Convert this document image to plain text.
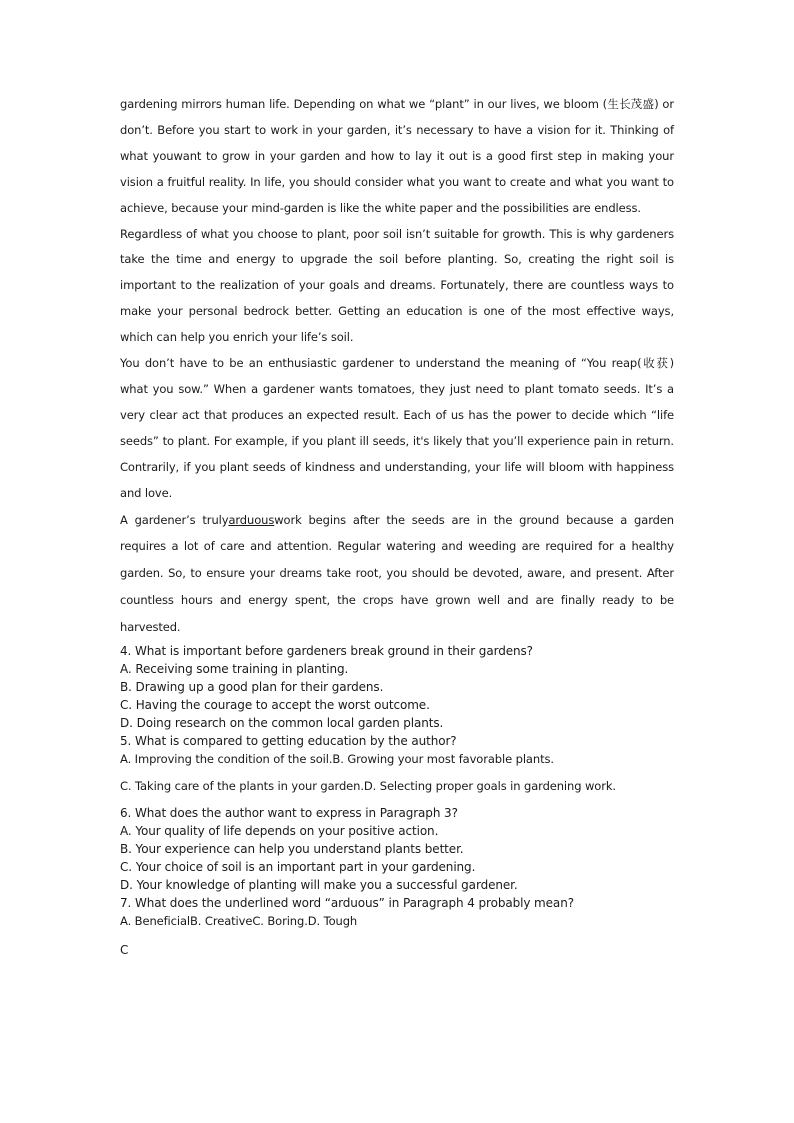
gardening mirrors human life. Depending on what we “plant” in our lives, we bloom (生长茂盛) or don’t. Before you start to work in your garden, it’s necessary to have a vision for it. Thinking of what youwant to grow in your garden and how to lay it out is a good first step in making your vision a fruitful reality. In life, you should consider what you want to create and what you want to achieve, because your mind-garden is like the white paper and the possibilities are endless.

Regardless of what you choose to plant, poor soil isn’t suitable for growth. This is why gardeners take the time and energy to upgrade the soil before planting. So, creating the right soil is important to the realization of your goals and dreams. Fortunately, there are countless ways to make your personal bedrock better. Getting an education is one of the most effective ways, which can help you enrich your life’s soil.

You don’t have to be an enthusiastic gardener to understand the meaning of “You reap(收获) what you sow.” When a gardener wants tomatoes, they just need to plant tomato seeds. It’s a very clear act that produces an expected result. Each of us has the power to decide which “life seeds” to plant. For example, if you plant ill seeds, it's likely that you’ll experience pain in return. Contrarily, if you plant seeds of kindness and understanding, your life will bloom with happiness and love.

A gardener’s trulyarduouswork begins after the seeds are in the ground because a garden requires a lot of care and attention. Regular watering and weeding are required for a healthy garden. So, to ensure your dreams take root, you should be devoted, aware, and present. After countless hours and energy spent, the crops have grown well and are finally ready to be harvested.

4. What is important before gardeners break ground in their gardens?

A. Receiving some training in planting.

B. Drawing up a good plan for their gardens.

C. Having the courage to accept the worst outcome.

D. Doing research on the common local garden plants.

5. What is compared to getting education by the author?

A. Improving the condition of the soil.B. Growing your most favorable plants.

C. Taking care of the plants in your garden.D. Selecting proper goals in gardening work.

6. What does the author want to express in Paragraph 3?

A. Your quality of life depends on your positive action.

B. Your experience can help you understand plants better.

C. Your choice of soil is an important part in your gardening.

D. Your knowledge of planting will make you a successful gardener.

7. What does the underlined word “arduous” in Paragraph 4 probably mean?

A. BeneficialB. CreativeC. Boring.D. Tough

C
